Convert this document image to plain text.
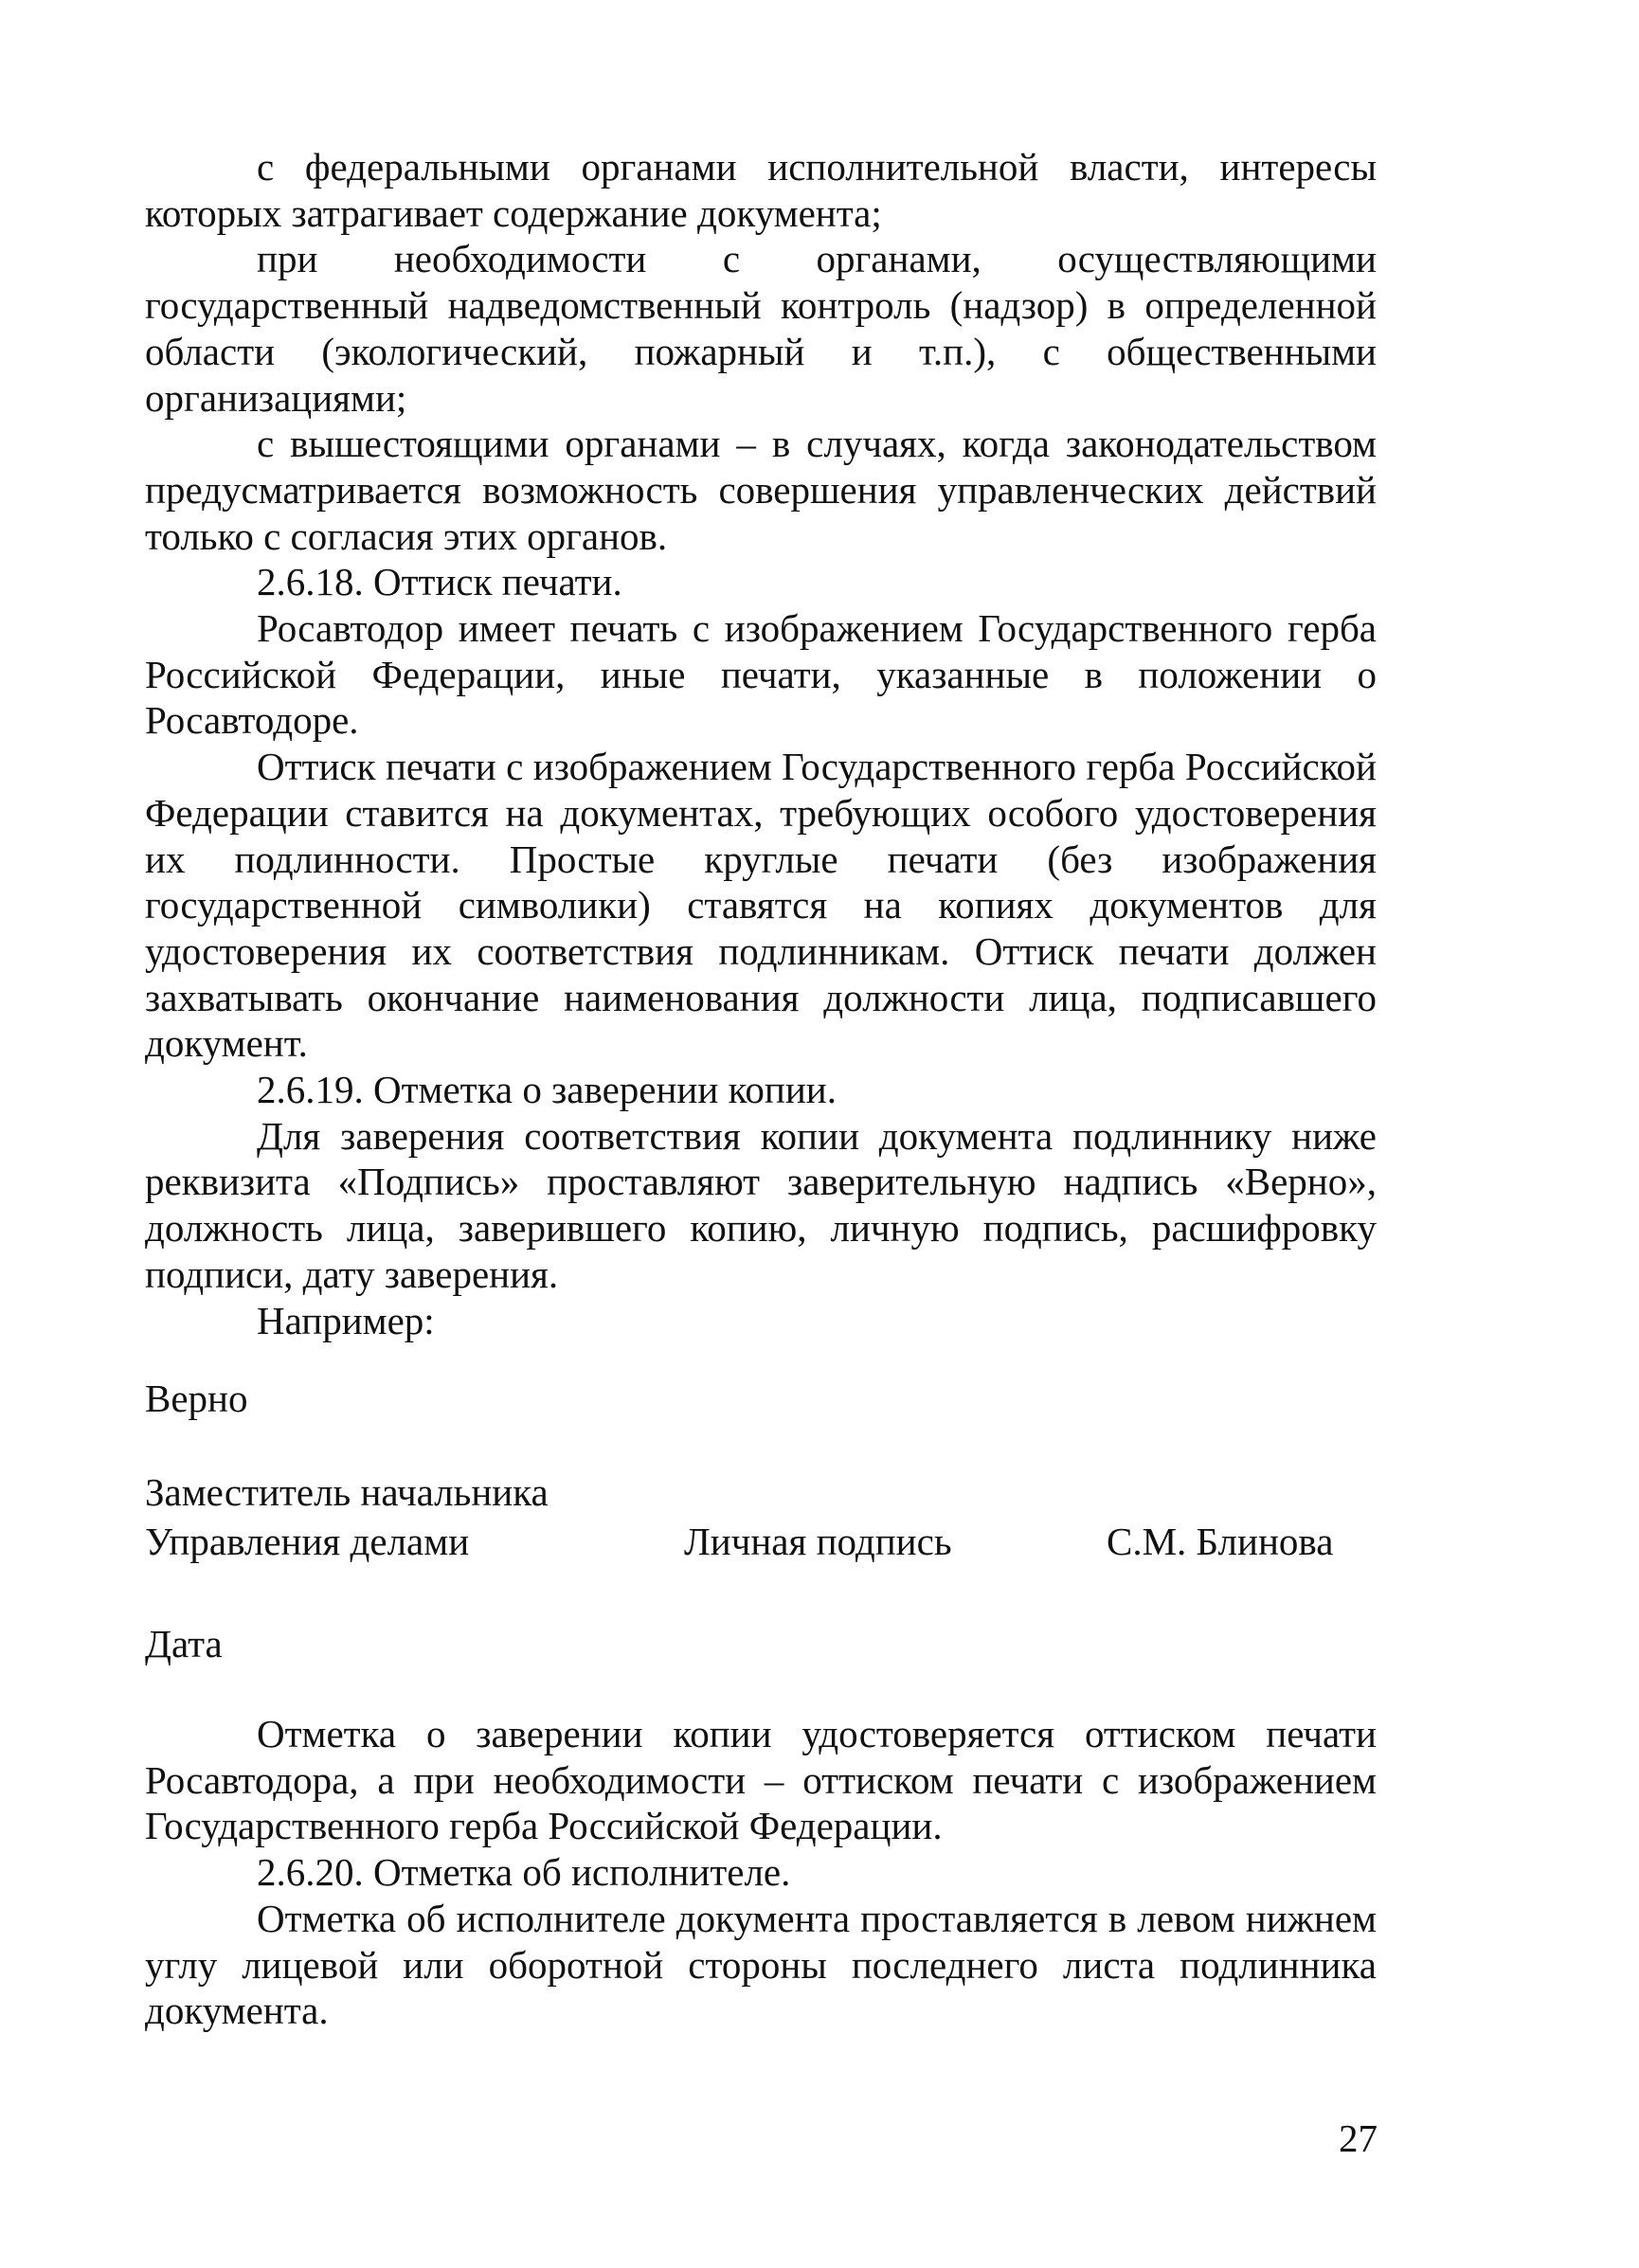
с федеральными органами исполнительной власти, интересы которых затрагивает содержание документа;

при необходимости с органами, осуществляющими государственный надведомственный контроль (надзор) в определенной области (экологический, пожарный и т.п.), с общественными организациями;

с вышестоящими органами – в случаях, когда законодательством предусматривается возможность совершения управленческих действий только с согласия этих органов.

2.6.18. Оттиск печати.

Росавтодор имеет печать с изображением Государственного герба Российской Федерации, иные печати, указанные в положении о Росавтодоре.

Оттиск печати с изображением Государственного герба Российской Федерации ставится на документах, требующих особого удостоверения их подлинности. Простые круглые печати (без изображения государственной символики) ставятся на копиях документов для удостоверения их соответствия подлинникам. Оттиск печати должен захватывать окончание наименования должности лица, подписавшего документ.

2.6.19. Отметка о заверении копии.

Для заверения соответствия копии документа подлиннику ниже реквизита «Подпись» проставляют заверительную надпись «Верно», должность лица, заверившего копию, личную подпись, расшифровку подписи, дату заверения.

Например:

Верно
Заместитель начальника
Управления делами	Личная подпись	С.М. Блинова
Дата

Отметка о заверении копии удостоверяется оттиском печати Росавтодора, а при необходимости – оттиском печати с изображением Государственного герба Российской Федерации.

2.6.20. Отметка об исполнителе.

Отметка об исполнителе документа проставляется в левом нижнем углу лицевой или оборотной стороны последнего листа подлинника документа.

27
